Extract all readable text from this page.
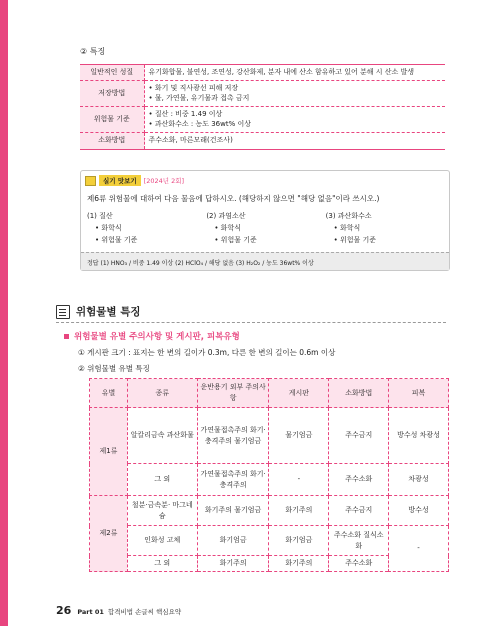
② 특징
일반적인 성질	유기화합물, 불연성, 조연성, 강산화제, 분자 내에 산소 함유하고 있어 분해 시 산소 발생
저장방법	• 화기 및 직사광선 피해 저장
• 물, 가연물, 유기물과 접촉 금지

위험물 기준	• 질산 : 비중 1.49 이상
• 과산화수소 : 농도 36wt% 이상

소화방법	주수소화, 마른모래(건조사)
실기 맛보기	[2024년 2회]
제6류 위험물에 대하여 다음 물음에 답하시오. (해당하지 않으면 "해당 없음"이라 쓰시오.)
(1) 질산
• 화학식
• 위험물 기준
(2) 과염소산
• 화학식
• 위험물 기준
(3) 과산화수소
• 화학식
• 위험물 기준
정답 (1) HNO₃ / 비중 1.49 이상 (2) HClO₄ / 해당 없음 (3) H₂O₂ / 농도 36wt% 이상
위험물별 특징
위험물별 유별 주의사항 및 게시판, 피복유형
① 게시판 크기 : 표지는 한 변의 길이가 0.3m, 다른 한 변의 길이는 0.6m 이상
② 위험물별 유별 특징
유별	종류	운반용기 외부 주의사항	게시판	소화방법	피복
제1류	알칼리금속 과산화물	가연물접촉주의 화기·충격주의 물기엄금	물기엄금	주수금지	방수성 차광성
	그 외	가연물접촉주의 화기·충격주의	-	주수소화	차광성
제2류	철분·금속분· 마그네슘	화기주의 물기엄금	화기주의	주수금지	방수성
	인화성 고체	화기엄금	화기엄금	주수소화 질식소화	-
	그 외	화기주의	화기주의	주수소화	
26 Part 01 합격비법 손글씨 핵심요약
